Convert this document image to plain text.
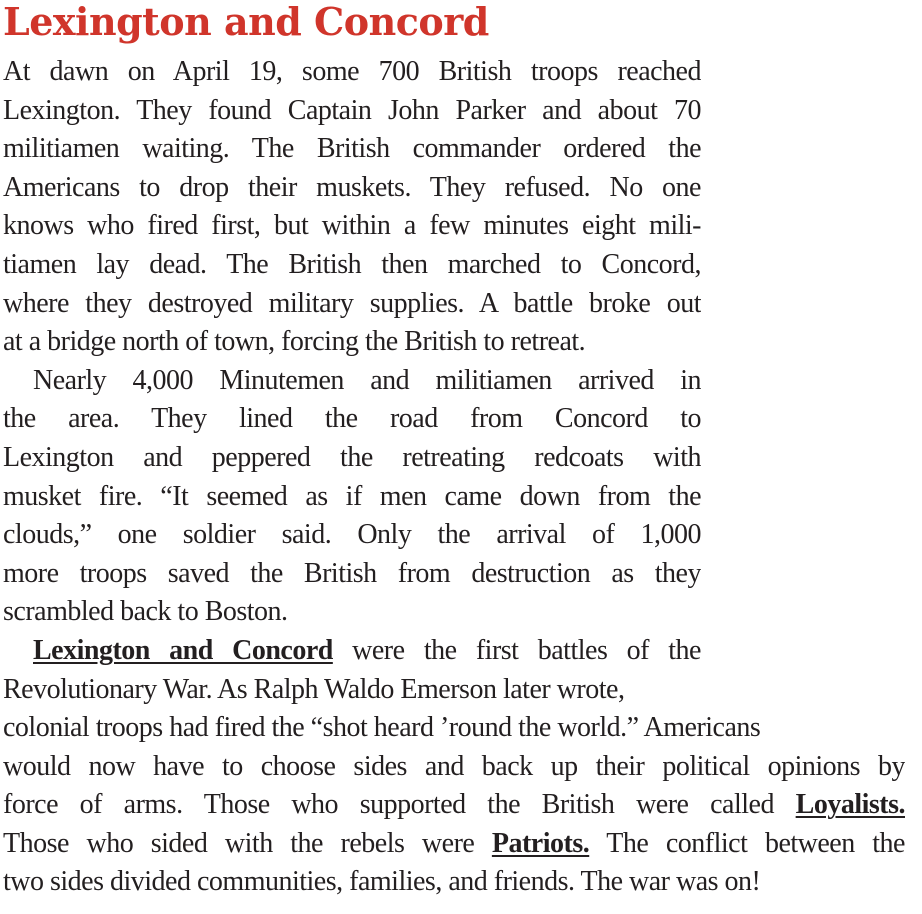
Lexington and Concord
At dawn on April 19, some 700 British troops reached
Lexington. They found Captain John Parker and about 70
militiamen waiting. The British commander ordered the
Americans to drop their muskets. They refused. No one
knows who fired first, but within a few minutes eight mili-
tiamen lay dead. The British then marched to Concord,
where they destroyed military supplies. A battle broke out
at a bridge north of town, forcing the British to retreat.
Nearly 4,000 Minutemen and militiamen arrived in
the area. They lined the road from Concord to
Lexington and peppered the retreating redcoats with
musket fire. “It seemed as if men came down from the
clouds,” one soldier said. Only the arrival of 1,000
more troops saved the British from destruction as they
scrambled back to Boston.
Lexington and Concord were the first battles of the
Revolutionary War. As Ralph Waldo Emerson later wrote,
colonial troops had fired the “shot heard ’round the world.” Americans
would now have to choose sides and back up their political opinions by
force of arms. Those who supported the British were called Loyalists.
Those who sided with the rebels were Patriots. The conflict between the
two sides divided communities, families, and friends. The war was on!
